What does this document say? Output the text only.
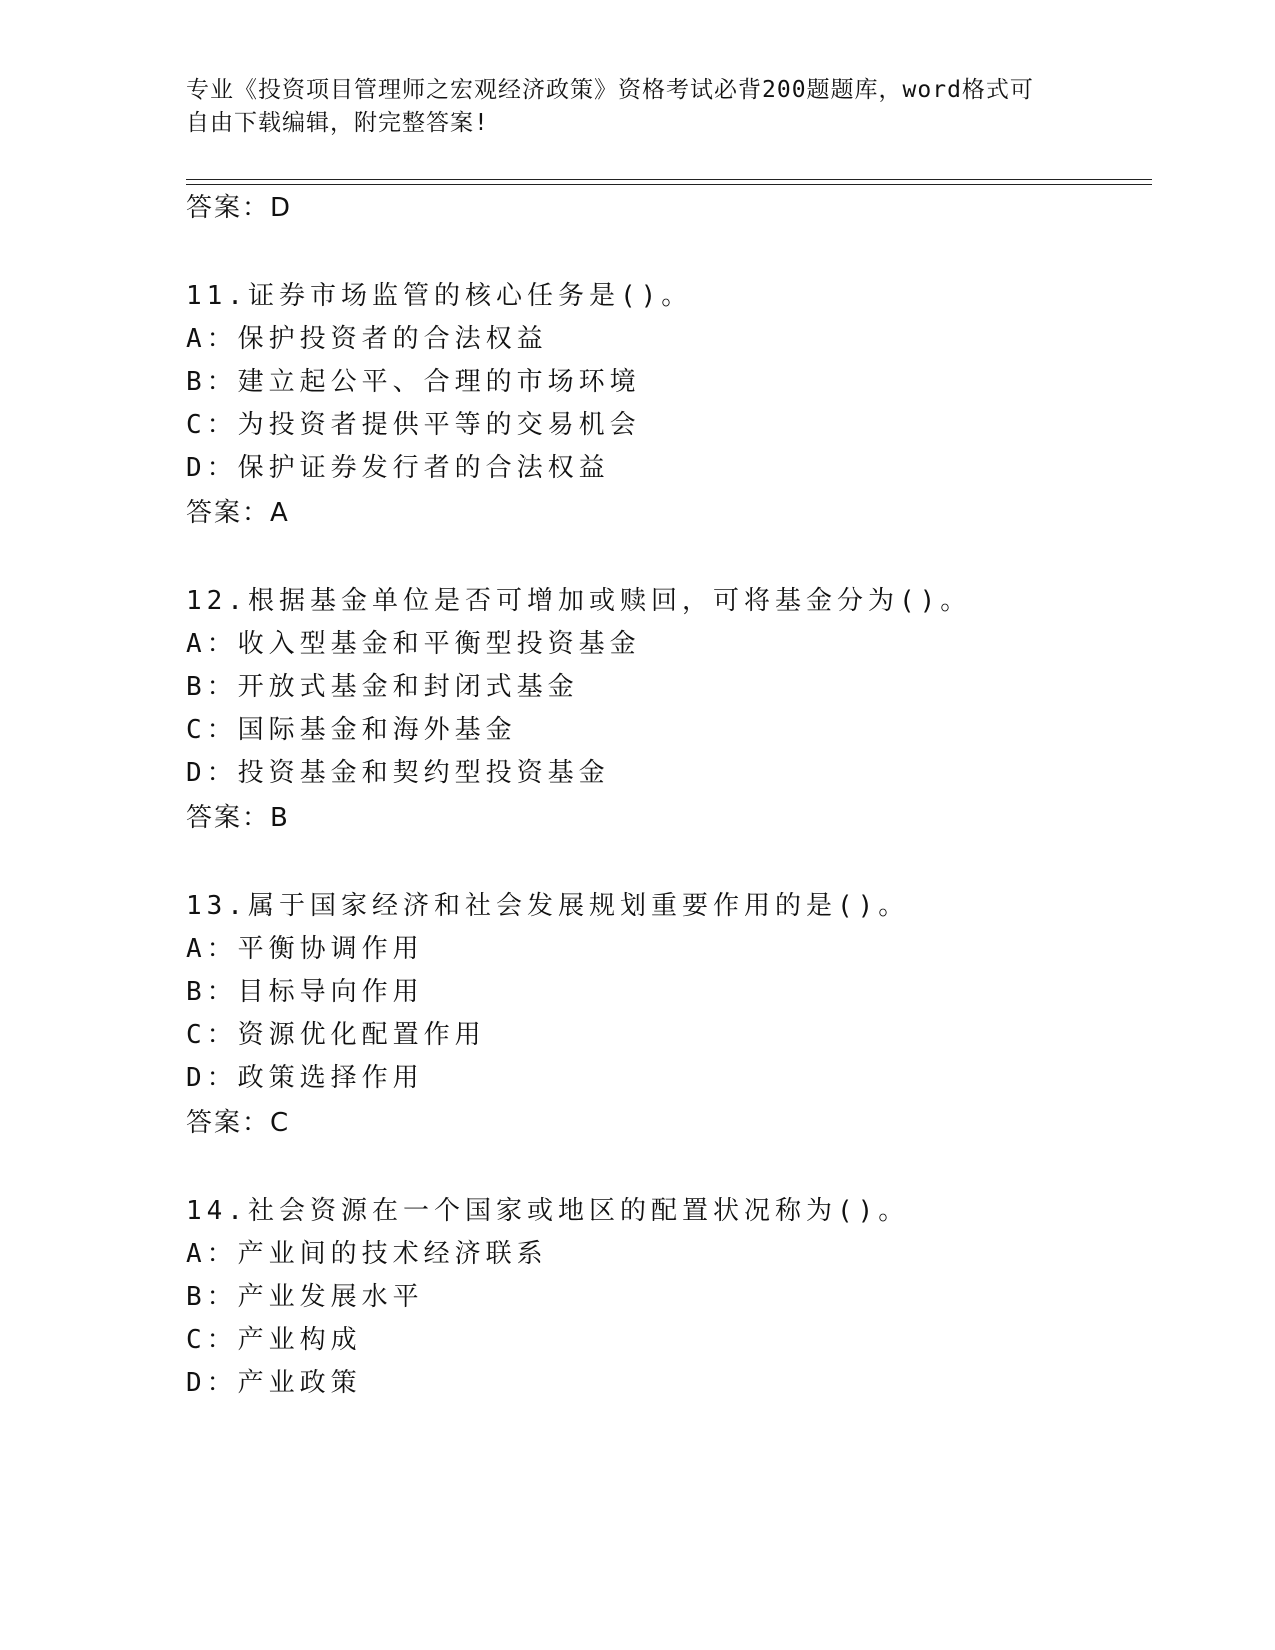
专业《投资项目管理师之宏观经济政策》资格考试必背200题题库，word格式可
自由下载编辑，附完整答案!
答案：D
11.证券市场监管的核心任务是()。
A：保护投资者的合法权益
B：建立起公平、合理的市场环境
C：为投资者提供平等的交易机会
D：保护证券发行者的合法权益
答案：A
12.根据基金单位是否可增加或赎回，可将基金分为()。
A：收入型基金和平衡型投资基金
B：开放式基金和封闭式基金
C：国际基金和海外基金
D：投资基金和契约型投资基金
答案：B
13.属于国家经济和社会发展规划重要作用的是()。
A：平衡协调作用
B：目标导向作用
C：资源优化配置作用
D：政策选择作用
答案：C
14.社会资源在一个国家或地区的配置状况称为()。
A：产业间的技术经济联系
B：产业发展水平
C：产业构成
D：产业政策
